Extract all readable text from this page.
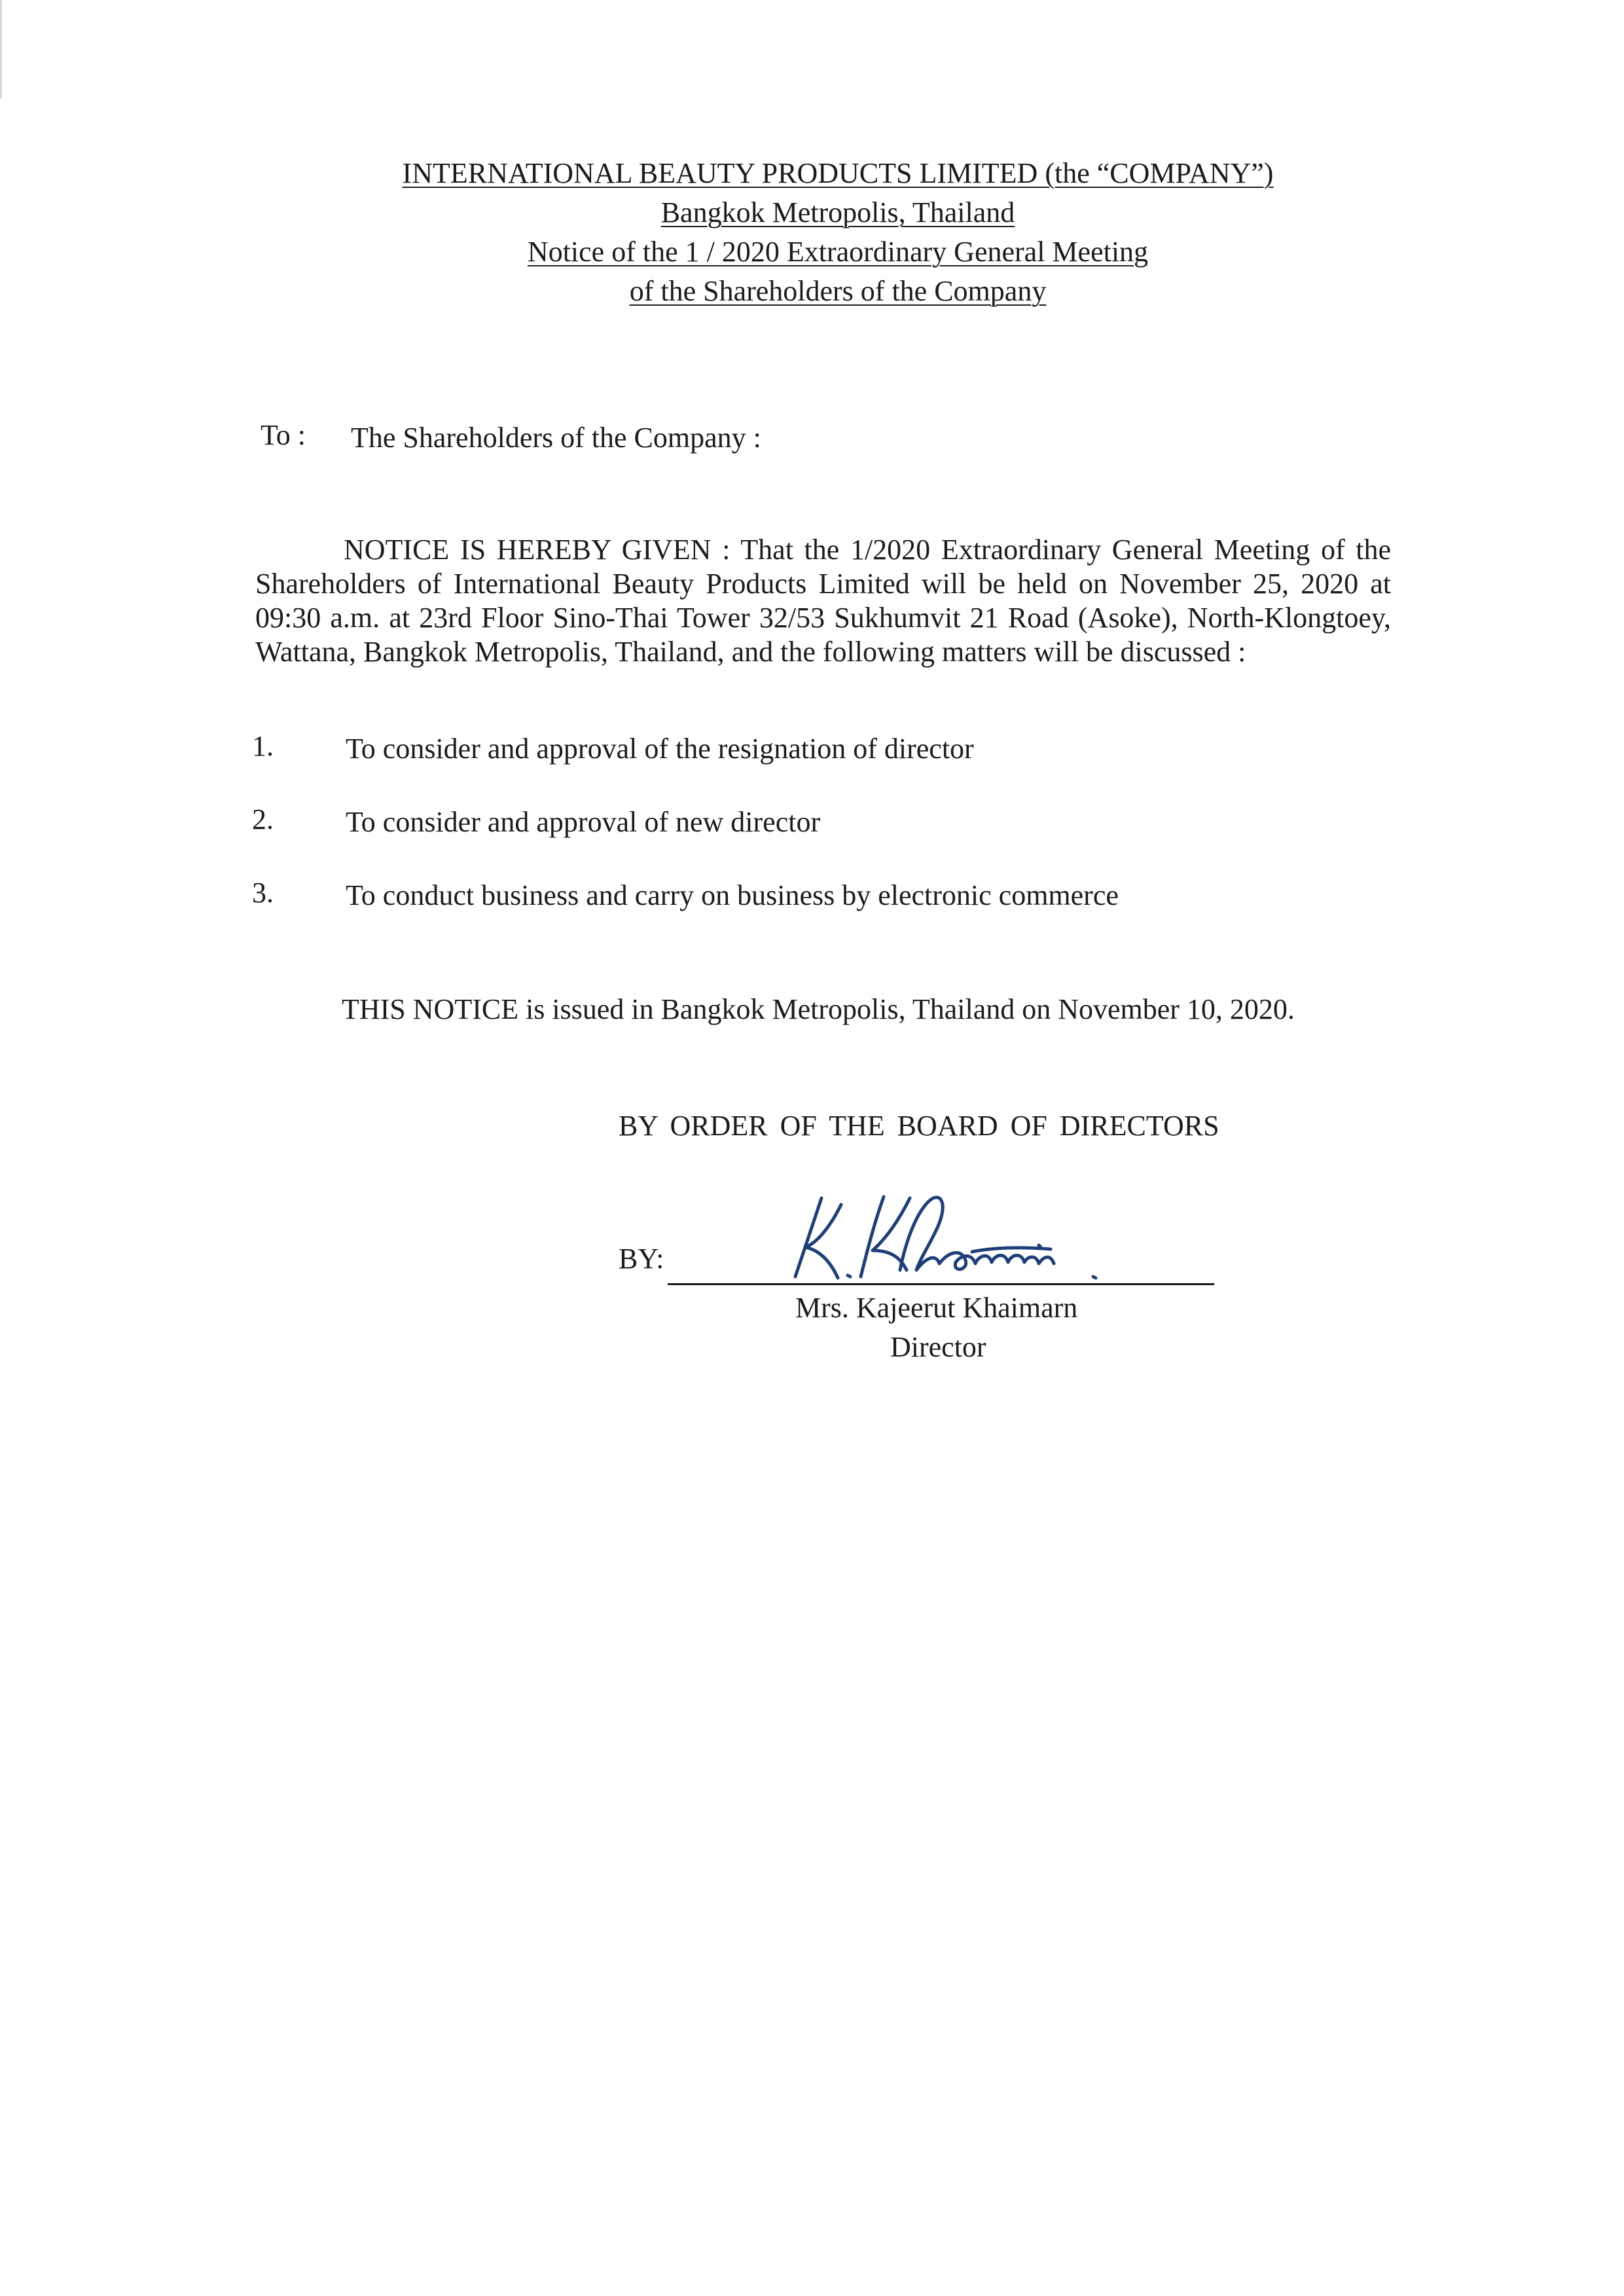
INTERNATIONAL BEAUTY PRODUCTS LIMITED (the “COMPANY”)
Bangkok Metropolis, Thailand
Notice of the 1 / 2020 Extraordinary General Meeting
of the Shareholders of the Company
To : The Shareholders of the Company :

NOTICE IS HEREBY GIVEN : That the 1/2020 Extraordinary General Meeting of the Shareholders of International Beauty Products Limited will be held on November 25, 2020 at 09:30 a.m. at 23rd Floor Sino-Thai Tower 32/53 Sukhumvit 21 Road (Asoke), North-Klongtoey, Wattana, Bangkok Metropolis, Thailand, and the following matters will be discussed :

1.	To consider and approval of the resignation of director
2.	To consider and approval of new director
3.	To conduct business and carry on business by electronic commerce
THIS NOTICE is issued in Bangkok Metropolis, Thailand on November 10, 2020.
BY ORDER OF THE BOARD OF DIRECTORS
BY:
Mrs. Kajeerut Khaimarn
Director
